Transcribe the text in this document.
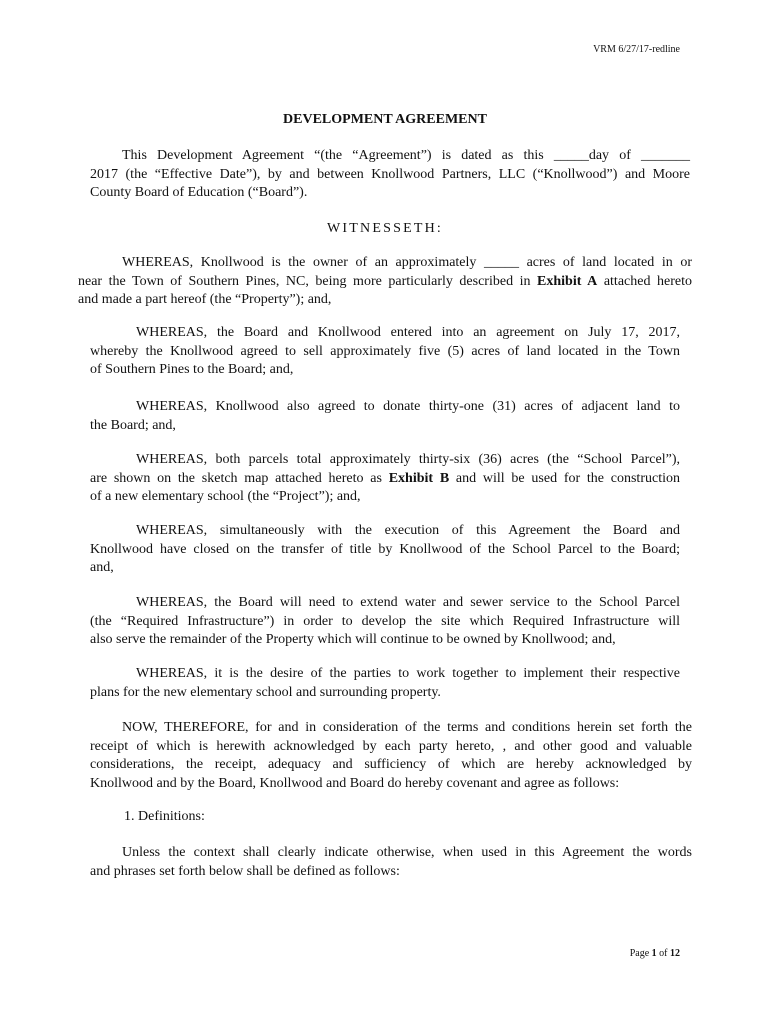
VRM 6/27/17-redline
DEVELOPMENT AGREEMENT
This Development Agreement “(the “Agreement”) is dated as this _____day of _______
2017 (the “Effective Date”), by and between Knollwood Partners, LLC (“Knollwood”) and Moore
County Board of Education (“Board”).
WITNESSETH:
WHEREAS, Knollwood is the owner of an approximately _____ acres of land located in or
near the Town of Southern Pines, NC, being more particularly described in Exhibit A attached hereto
and made a part hereof (the “Property”); and,
WHEREAS, the Board and Knollwood entered into an agreement on July 17, 2017,
whereby the Knollwood agreed to sell approximately five (5) acres of land located in the Town
of Southern Pines to the Board; and,
WHEREAS, Knollwood also agreed to donate thirty-one (31) acres of adjacent land to
the Board; and,
WHEREAS, both parcels total approximately thirty-six (36) acres (the “School Parcel”),
are shown on the sketch map attached hereto as Exhibit B and will be used for the construction
of a new elementary school (the “Project”); and,
WHEREAS, simultaneously with the execution of this Agreement the Board and
Knollwood have closed on the transfer of title by Knollwood of the School Parcel to the Board;
and,
WHEREAS, the Board will need to extend water and sewer service to the School Parcel
(the “Required Infrastructure”) in order to develop the site which Required Infrastructure will
also serve the remainder of the Property which will continue to be owned by Knollwood; and,
WHEREAS, it is the desire of the parties to work together to implement their respective
plans for the new elementary school and surrounding property.
NOW, THEREFORE, for and in consideration of the terms and conditions herein set forth the
receipt of which is herewith acknowledged by each party hereto, , and other good and valuable
considerations, the receipt, adequacy and sufficiency of which are hereby acknowledged by
Knollwood and by the Board, Knollwood and Board do hereby covenant and agree as follows:
1. Definitions:
Unless the context shall clearly indicate otherwise, when used in this Agreement the words
and phrases set forth below shall be defined as follows:
Page 1 of 12
